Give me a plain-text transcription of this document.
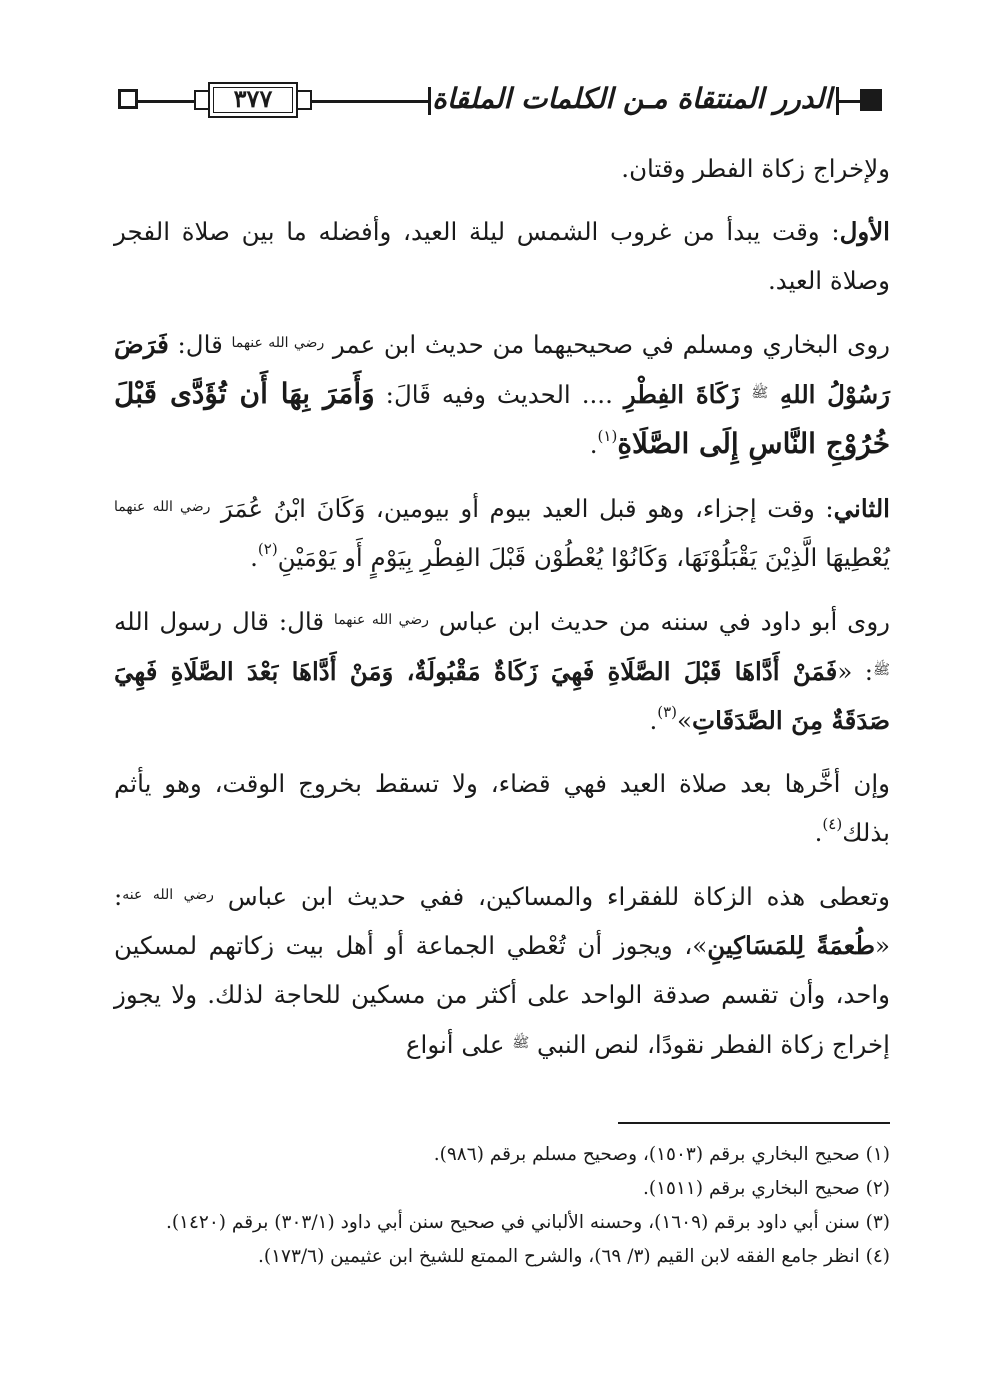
٣٧٧	الدرر المنتقاة مـن الكلمات الملقاة

ولإخراج زكاة الفطر وقتان.

الأول: وقت يبدأ من غروب الشمس ليلة العيد، وأفضله ما بين صلاة الفجر وصلاة العيد.

روى البخاري ومسلم في صحيحيهما من حديث ابن عمر $^{رضي الله عنهما}$ قال: فَرَضَ رَسُوْلُ اللهِ $^ﷺ$ زَكَاةَ الفِطْرِ .... الحديث وفيه قَالَ: وَأَمَرَ بِهَا أَن تُؤَدَّى قَبْلَ خُرُوْجِ النَّاسِ إِلَى الصَّلَاةِ$^{(١)}$.

الثاني: وقت إجزاء، وهو قبل العيد بيوم أو بيومين، وَكَانَ ابْنُ عُمَرَ $^{رضي الله عنهما}$ يُعْطِيهَا الَّذِيْنَ يَقْبَلُوْنَهَا، وَكَانُوْا يُعْطُوْن قَبْلَ الفِطْرِ بِيَوْمٍ أَو يَوْمَيْنِ$^{(٢)}$.

روى أبو داود في سننه من حديث ابن عباس $^{رضي الله عنهما}$ قال: قال رسول الله $^ﷺ$: «فَمَنْ أَدَّاهَا قَبْلَ الصَّلَاةِ فَهِيَ زَكَاةٌ مَقْبُولَةٌ، وَمَنْ أَدَّاهَا بَعْدَ الصَّلَاةِ فَهِيَ صَدَقَةٌ مِنَ الصَّدَقَاتِ»$^{(٣)}$.

وإن أخَّرها بعد صلاة العيد فهي قضاء، ولا تسقط بخروج الوقت، وهو يأثم بذلك$^{(٤)}$.

وتعطى هذه الزكاة للفقراء والمساكين، ففي حديث ابن عباس $^{رضي الله عنه}$: «طُعمَةً لِلمَسَاكِينِ»، ويجوز أن تُعْطي الجماعة أو أهل بيت زكاتهم لمسكين واحد، وأن تقسم صدقة الواحد على أكثر من مسكين للحاجة لذلك. ولا يجوز إخراج زكاة الفطر نقودًا، لنص النبي $^ﷺ$ على أنواع

(١) صحيح البخاري برقم (١٥٠٣)، وصحيح مسلم برقم (٩٨٦).

(٢) صحيح البخاري برقم (١٥١١).

(٣) سنن أبي داود برقم (١٦٠٩)، وحسنه الألباني في صحيح سنن أبي داود (٣٠٣/١) برقم (١٤٢٠).

(٤) انظر جامع الفقه لابن القيم (٣/ ٦٩)، والشرح الممتع للشيخ ابن عثيمين (١٧٣/٦).
